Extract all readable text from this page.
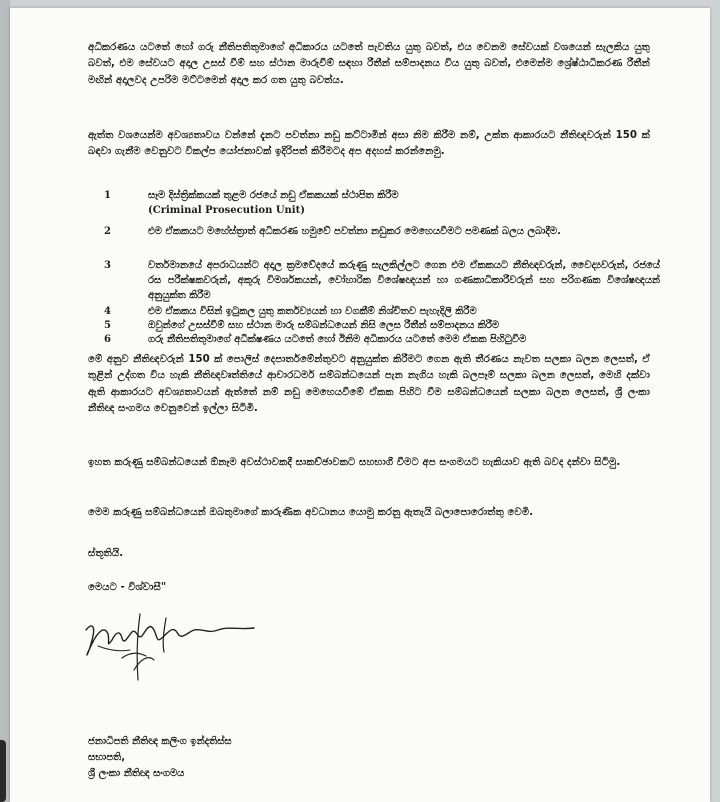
අධිකරණය යටතේ හෝ ගරු නීතිපතිතුමාගේ අධිකාරය යටතේ පැවතිය යුතු බවත්, එය වෙනම සේවයක් වශයෙන් සැලකිය යුතු බවත්, එම සේවයට අදාල උසස් වීම් සහ ස්ථාන මාරුවීම් සඳහා රීතීන් සම්පාදනය විය යුතු බවත්, එමෙන්ම ශ්‍රේෂ්ඨාධිකරණ රීතීන් මඟින් අදාලවද උපරිම මට්ටමෙන් අදාල කර ගත යුතු බවත්ය.
ඇත්ත වශයෙන්ම අවශ්‍යතාවය වන්නේ දැනට පවත්නා නඩු කට්ටාමින් අසා නිම කිරීම නම්, උක්ත ආකාරයට නීතිඥවරුන් 150 ක් බඳවා ගැනීම වෙනුවට විකල්ප යෝජනාවක් ඉදිරිපත් කිරීමටද අප අදහස් කරන්නෙමු.
1	සෑම දිස්ත්‍රික්කයක් තුළම රජයේ නඩු ඒකකයක් ස්ථාපිත කිරීම
(Criminal Prosecution Unit)
2	එම ඒකකයට මහේස්ත්‍රාත් අධිකරණ හමුවේ පවත්නා නඩුකර මෙහෙයවීමට පමණක් බලය ලබාදීම.
3	වර්තමානයේ අපරාධයන්ට අදාල ක්‍රමවේදයේ කරුණු සැලකිල්ලට ගෙන එම ඒකකයට නීතිඥවරුන්, වෛද්‍යවරුන්, රජයේ රස පරීක්ෂකවරුන්, අකුරු විමර්ශකයන්, වෝහාරික විශේෂඥයන් හා ගණකාධිකාරීවරුන් සහ පරිගණක විශේෂඥයන් අනුයුක්ත කිරීම
4	එම ඒකකය විසින් ඉටුකල යුතු කර්තව්‍යයන් හා වගකීම් නිශ්චිතව පැහැදිලි කිරීම
5	ඔවුන්ගේ උසස්වීම් සහ ස්ථාන මාරු සම්බන්ධයෙන් නිසි ලෙස රීතීන් සම්පාදනය කිරීම
6	ගරු නීතිපතිතුමාගේ අධීක්ෂණය යටතේ හෝ ඊනිම අධිකාරය යටතේ මෙම ඒකක පිහිටුවීම
මේ අනුව නීතිඥවරුන් 150 ක් පොලිස් දෙපාර්තමේන්තුවට අනුයුක්ත කිරීමට ගෙන ඇති තීරණය නැවත සලකා බලන ලෙසත්, ඒ තුළින් උද්ගත විය හැකි නීතිඥවෘත්තියේ ආචාරධර්ම සම්බන්ධයෙන් පැන නැගිය හැකි බලපෑම් සලකා බලන ලෙසත්, මෙහි දක්වා ඇති ආකාරයට අවශ්‍යතාවයන් ඇත්තේ නම් නඩු මෙහෙයවීමේ ඒකක පිහිට වීම සම්බන්ධයෙන් සලකා බලන ලෙසත්, ශ්‍රී ලංකා නීතිඥ සංගමය වෙනුවෙන් ඉල්ලා සිටිමි.
ඉහත කරුණු සම්බන්ධයෙන් ඕනෑම අවස්ථාවකදී සාකච්ඡාවකට සහභාගී වීමට අප සංගමයට හැකියාව ඇති බවද දන්වා සිටිමු.
මෙම කරුණු සම්බන්ධයෙන් ඔබතුමාගේ කාරුණික අවධානය යොමු කරනු ඇතැයි බලාපොරොත්තු වෙමි.
ස්තූතියි.
මෙයට - විශ්වාසී"
ජනාධිපති නීතිඥ කලිංග ඉන්දතිස්ස
සභාපති,
ශ්‍රී ලංකා නීතිඥ සංගමය
